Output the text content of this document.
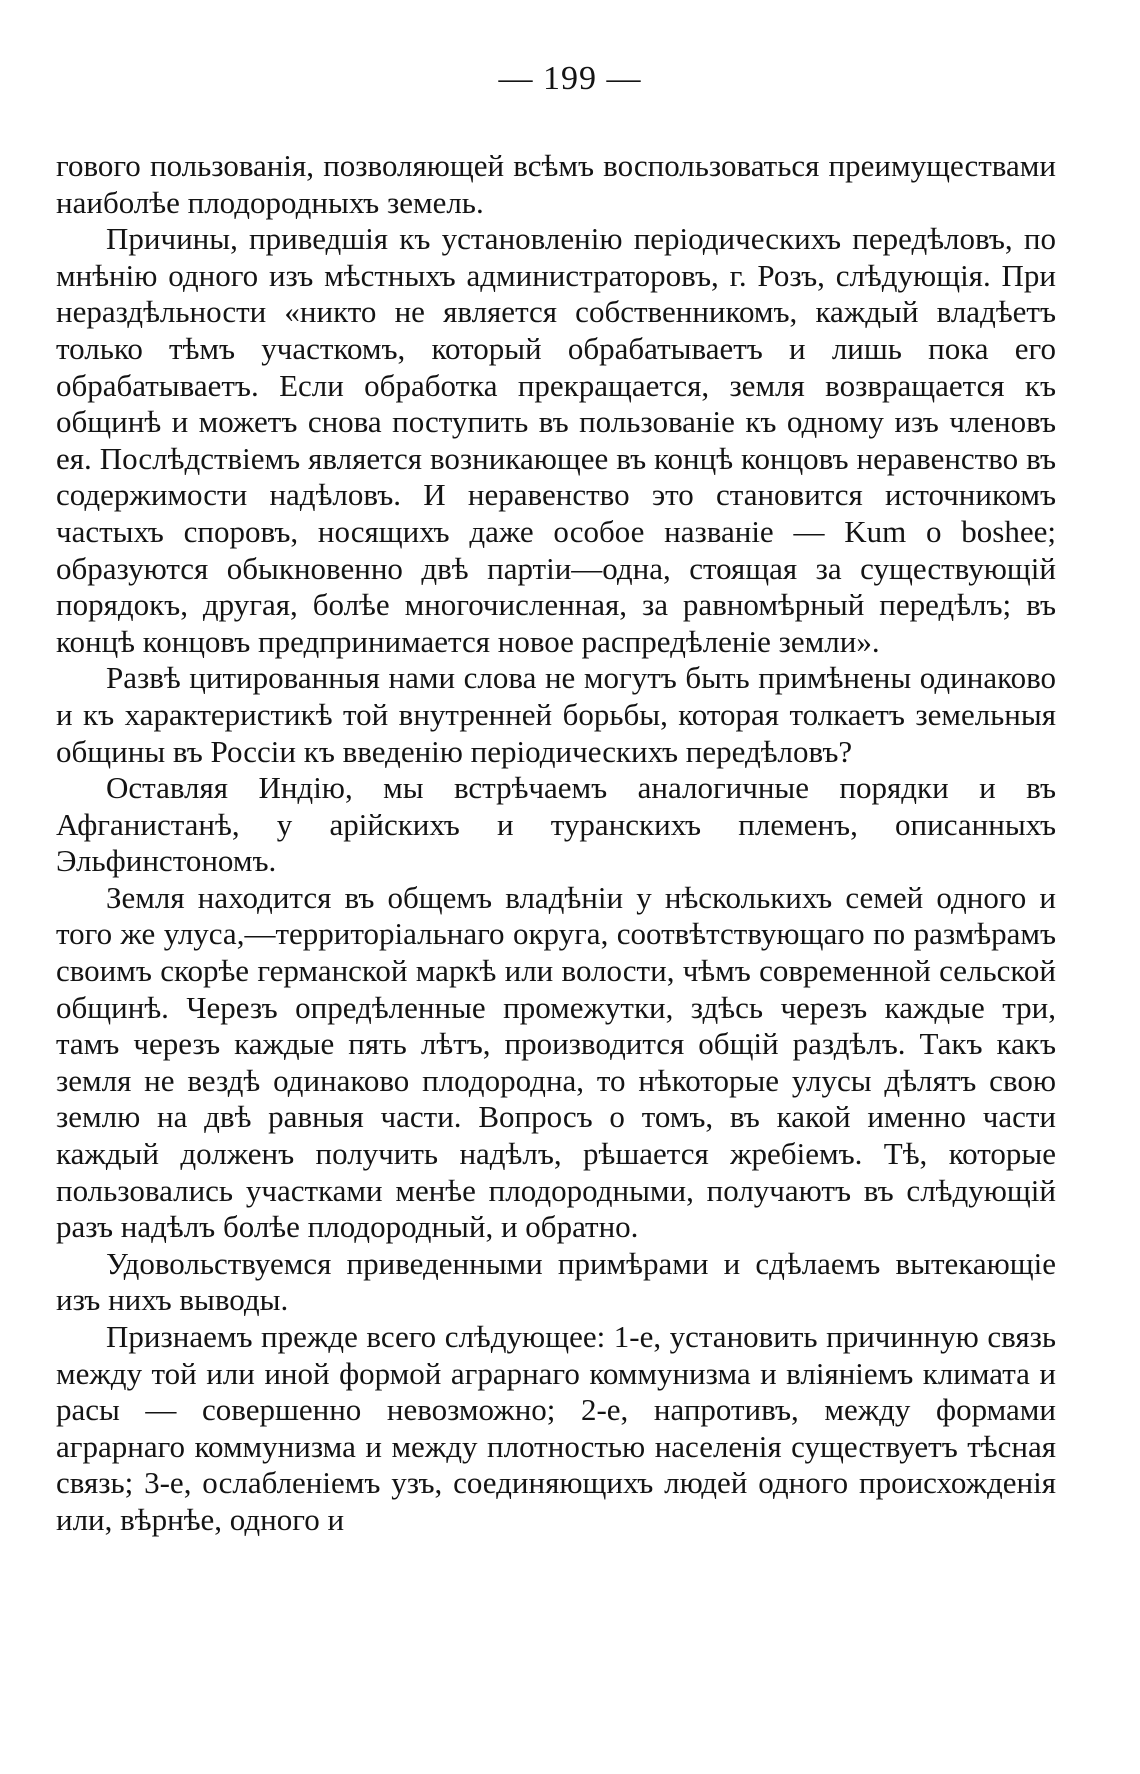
— 199 —

гового пользованія, позволяющей всѣмъ воспользоваться преимуществами наиболѣе плодородныхъ земель.

Причины, приведшія къ установленію періодическихъ передѣловъ, по мнѣнію одного изъ мѣстныхъ администраторовъ, г. Розъ, слѣдующія. При нераздѣльности «никто не является собственникомъ, каждый владѣетъ только тѣмъ участкомъ, который обрабатываетъ и лишь пока его обрабатываетъ. Если обработка прекращается, земля возвращается къ общинѣ и можетъ снова поступить въ пользованіе къ одному изъ членовъ ея. Послѣдствіемъ является возникающее въ концѣ концовъ неравенство въ содержимости надѣловъ. И неравенство это становится источникомъ частыхъ споровъ, носящихъ даже особое названіе — Kum o boshee; образуются обыкновенно двѣ партіи—одна, стоящая за существующій порядокъ, другая, болѣе многочисленная, за равномѣрный передѣлъ; въ концѣ концовъ предпринимается новое распредѣленіе земли».

Развѣ цитированныя нами слова не могутъ быть примѣнены одинаково и къ характеристикѣ той внутренней борьбы, которая толкаетъ земельныя общины въ Россіи къ введенію періодическихъ передѣловъ?

Оставляя Индію, мы встрѣчаемъ аналогичные порядки и въ Афганистанѣ, у арійскихъ и туранскихъ племенъ, описанныхъ Эльфинстономъ.

Земля находится въ общемъ владѣніи у нѣсколькихъ семей одного и того же улуса,—территоріальнаго округа, соотвѣтствующаго по размѣрамъ своимъ скорѣе германской маркѣ или волости, чѣмъ современной сельской общинѣ. Черезъ опредѣленные промежутки, здѣсь черезъ каждые три, тамъ черезъ каждые пять лѣтъ, производится общій раздѣлъ. Такъ какъ земля не вездѣ одинаково плодородна, то нѣкоторые улусы дѣлятъ свою землю на двѣ равныя части. Вопросъ о томъ, въ какой именно части каждый долженъ получить надѣлъ, рѣшается жребіемъ. Тѣ, которые пользовались участками менѣе плодородными, получаютъ въ слѣдующій разъ надѣлъ болѣе плодородный, и обратно.

Удовольствуемся приведенными примѣрами и сдѣлаемъ вытекающіе изъ нихъ выводы.

Признаемъ прежде всего слѣдующее: 1-е, установить причинную связь между той или иной формой аграрнаго коммунизма и вліяніемъ климата и расы — совершенно невозможно; 2-е, напротивъ, между формами аграрнаго коммунизма и между плотностью населенія существуетъ тѣсная связь; 3-е, ослабленіемъ узъ, соединяющихъ людей одного происхожденія или, вѣрнѣе, одного и
